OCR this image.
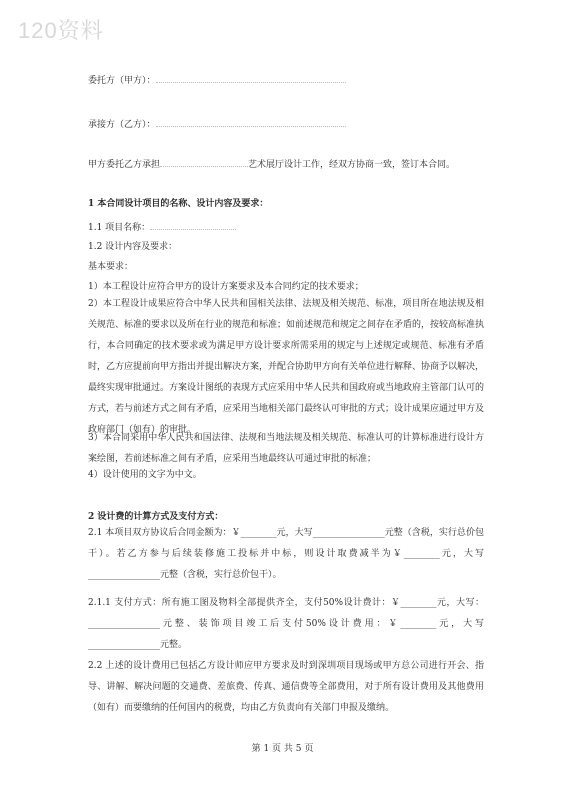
120资料
委托方（甲方）：
承接方（乙方）：
甲方委托乙方承担	艺术展厅设计工作，经双方协商一致，签订本合同。
1 本合同设计项目的名称、设计内容及要求：
1.1 项目名称：
1.2 设计内容及要求：
基本要求：
1）本工程设计应符合甲方的设计方案要求及本合同约定的技术要求；
2）本工程设计成果应符合中华人民共和国相关法律、法规及相关规范、标准，项目所在地法规及相关规范、标准的要求以及所在行业的规范和标准；如前述规范和规定之间存在矛盾的，按较高标准执行，本合同确定的技术要求或为满足甲方设计要求所需采用的规定与上述规定或规范、标准有矛盾时，乙方应提前向甲方指出并提出解决方案，并配合协助甲方向有关单位进行解释、协商予以解决，最终实现审批通过。方案设计图纸的表现方式应采用中华人民共和国政府或当地政府主管部门认可的方式，若与前述方式之间有矛盾，应采用当地相关部门最终认可审批的方式；设计成果应通过甲方及政府部门（如有）的审批。
3）本合同采用中华人民共和国法律、法规和当地法规及相关规范、标准认可的计算标准进行设计方案绘图，若前述标准之间有矛盾，应采用当地最终认可通过审批的标准；
4）设计使用的文字为中文。
2 设计费的计算方式及支付方式：
2.1 本项目双方协议后合同金额为：￥________元，大写________________元整（含税，实行总价包干）。若乙方参与后续装修施工投标并中标，则设计取费减半为￥________元，大写________________元整（含税，实行总价包干）。
2.1.1 支付方式：所有施工图及物料全部提供齐全，支付50%设计费计：￥________元，大写：________________元整、装饰项目竣工后支付50%设计费用：￥________元，大写________________元整。
2.2 上述的设计费用已包括乙方设计师应甲方要求及时到深圳项目现场或甲方总公司进行开会、指导、讲解、解决问题的交通费、差旅费、传真、通信费等全部费用，对于所有设计费用及其他费用（如有）而要缴纳的任何国内的税费，均由乙方负责向有关部门申报及缴纳。
第 1 页 共 5 页
